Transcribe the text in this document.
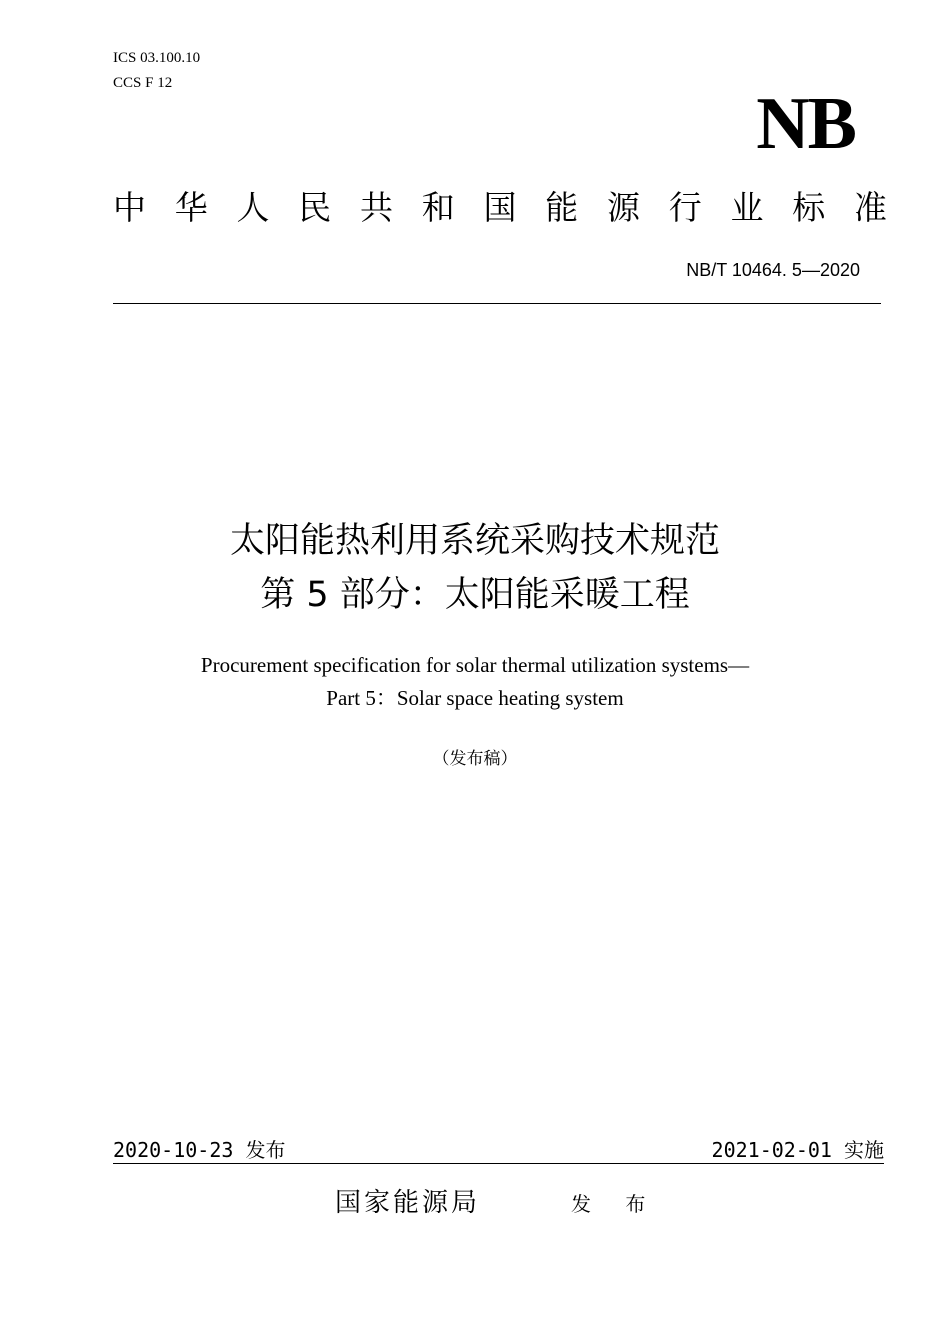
ICS 03.100.10
CCS F 12	NB
中 华 人 民 共 和 国 能 源 行 业 标 准
NB/T 10464. 5—2020
太阳能热利用系统采购技术规范
第 5 部分：太阳能采暖工程
Procurement specification for solar thermal utilization systems—
Part 5：Solar space heating system
（发布稿）
2020-10-23 发布	2021-02-01 实施
国家能源局	发 布
